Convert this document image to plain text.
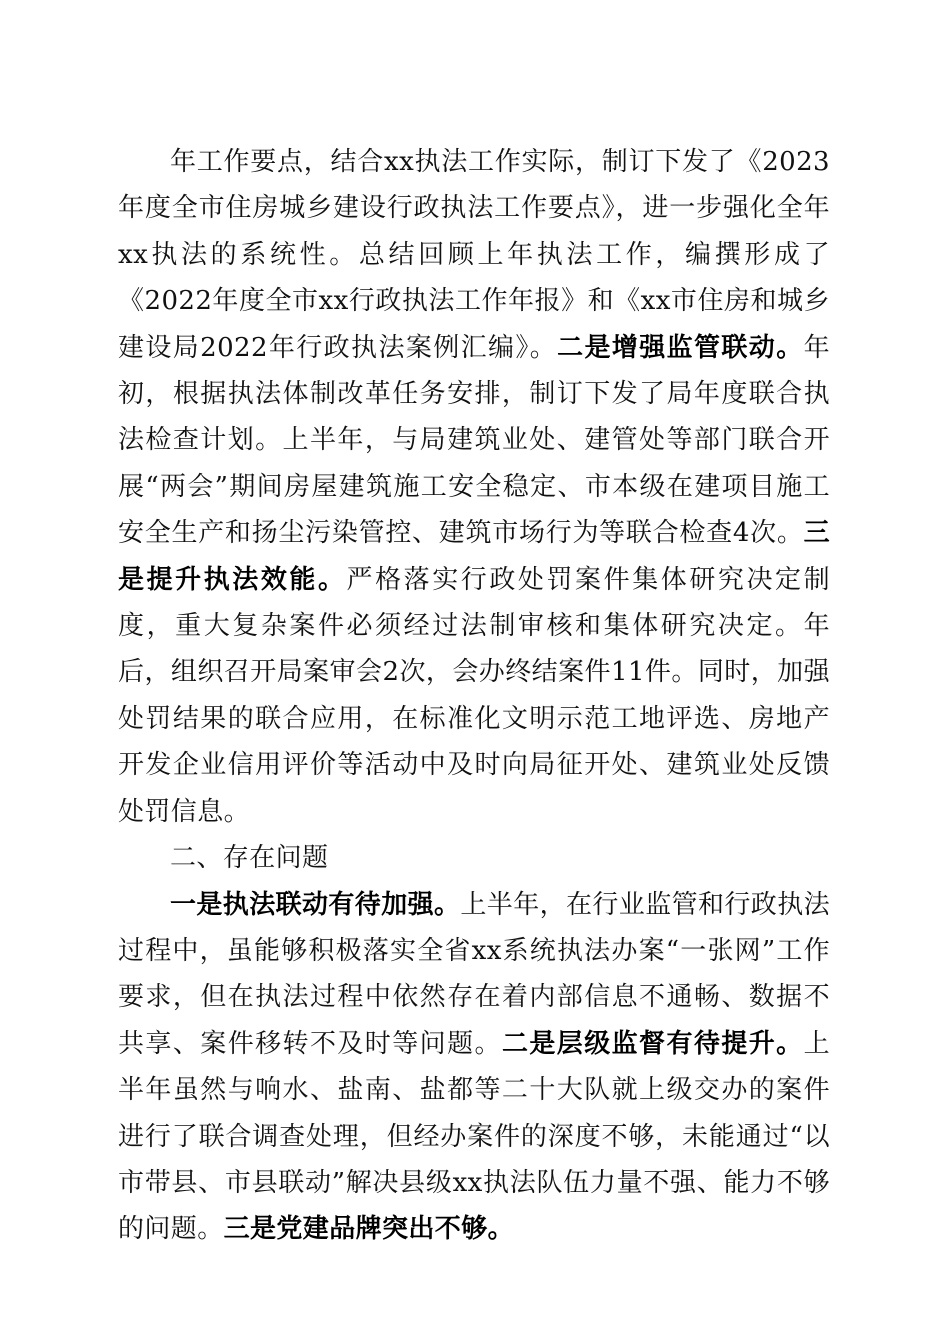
年工作要点，结合xx执法工作实际，制订下发了《2023年度全市住房城乡建设行政执法工作要点》，进一步强化全年xx执法的系统性。总结回顾上年执法工作，编撰形成了《2022年度全市xx行政执法工作年报》和《xx市住房和城乡建设局2022年行政执法案例汇编》。二是增强监管联动。年初，根据执法体制改革任务安排，制订下发了局年度联合执法检查计划。上半年，与局建筑业处、建管处等部门联合开展“两会”期间房屋建筑施工安全稳定、市本级在建项目施工安全生产和扬尘污染管控、建筑市场行为等联合检查4次。三是提升执法效能。严格落实行政处罚案件集体研究决定制度，重大复杂案件必须经过法制审核和集体研究决定。年后，组织召开局案审会2次，会办终结案件11件。同时，加强处罚结果的联合应用，在标准化文明示范工地评选、房地产开发企业信用评价等活动中及时向局征开处、建筑业处反馈处罚信息。

二、存在问题

一是执法联动有待加强。上半年，在行业监管和行政执法过程中，虽能够积极落实全省xx系统执法办案“一张网”工作要求，但在执法过程中依然存在着内部信息不通畅、数据不共享、案件移转不及时等问题。二是层级监督有待提升。上半年虽然与响水、盐南、盐都等二十大队就上级交办的案件进行了联合调查处理，但经办案件的深度不够，未能通过“以市带县、市县联动”解决县级xx执法队伍力量不强、能力不够的问题。三是党建品牌突出不够。
